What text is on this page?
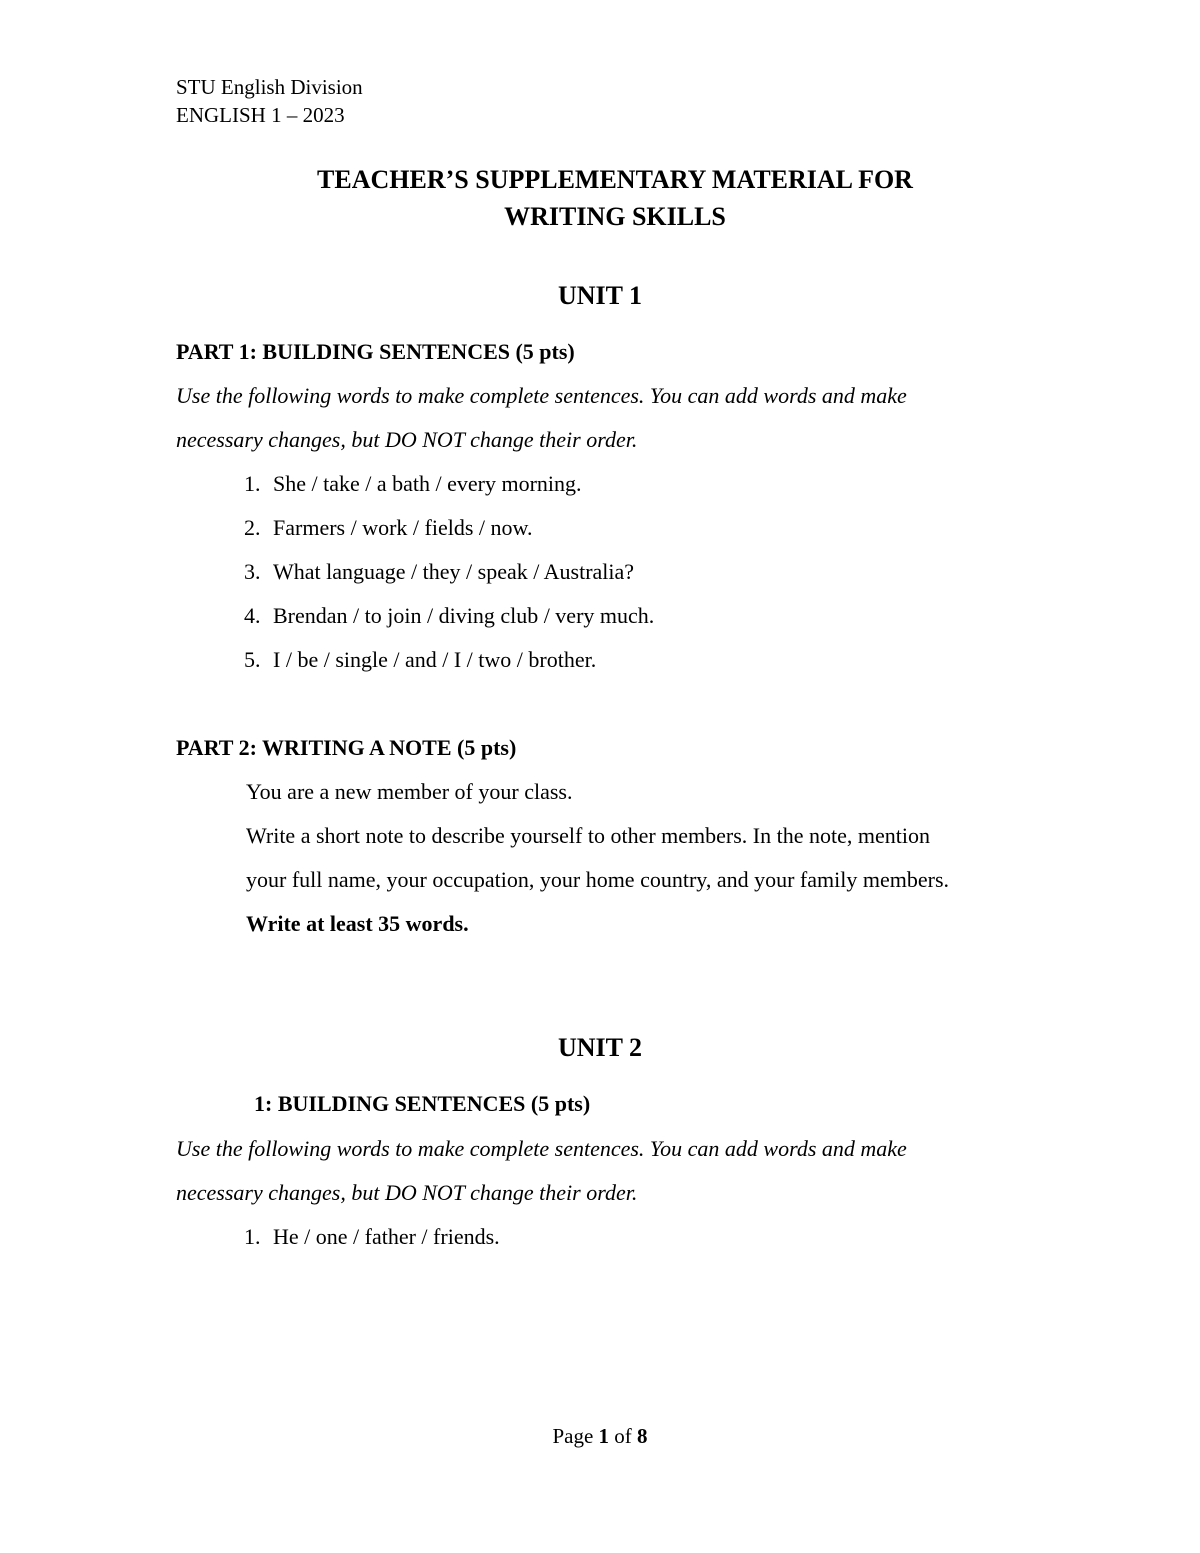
STU English Division
ENGLISH 1 – 2023
TEACHER’S SUPPLEMENTARY MATERIAL FOR
WRITING SKILLS
UNIT 1
PART 1: BUILDING SENTENCES (5 pts)
Use the following words to make complete sentences. You can add words and make
necessary changes, but DO NOT change their order.
1. She / take / a bath / every morning.
2. Farmers / work / fields / now.
3. What language / they / speak / Australia?
4. Brendan / to join / diving club / very much.
5. I / be / single / and / I / two / brother.
PART 2: WRITING A NOTE (5 pts)
You are a new member of your class.
Write a short note to describe yourself to other members. In the note, mention
your full name, your occupation, your home country, and your family members.
Write at least 35 words.
UNIT 2
1: BUILDING SENTENCES (5 pts)
Use the following words to make complete sentences. You can add words and make
necessary changes, but DO NOT change their order.
1. He / one / father / friends.
Page 1 of 8
